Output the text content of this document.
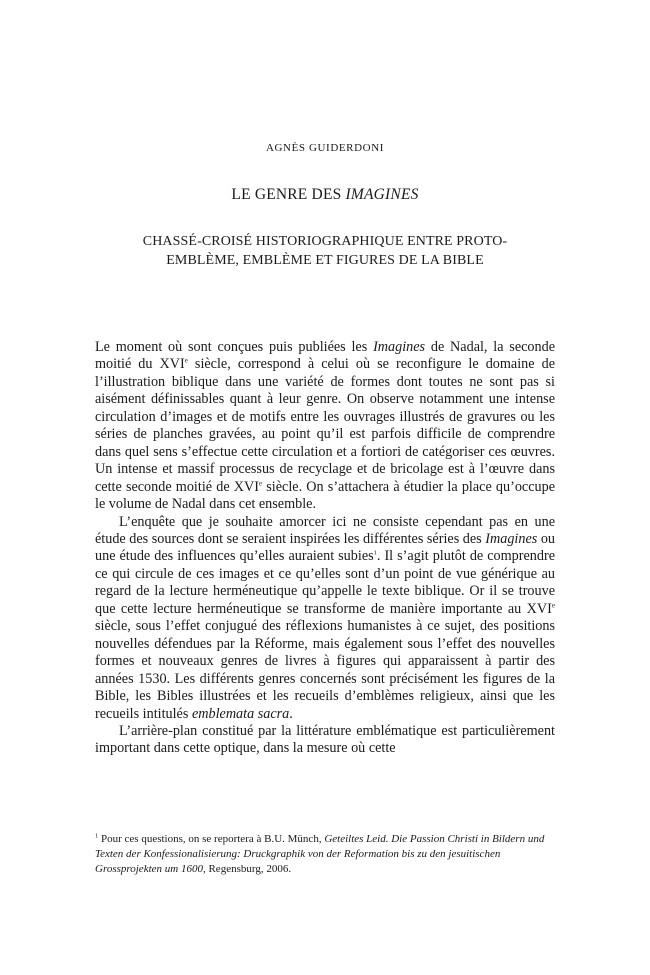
AGNÈS GUIDERDONI
LE GENRE DES IMAGINES
CHASSÉ-CROISÉ HISTORIOGRAPHIQUE ENTRE PROTO-
EMBLÈME, EMBLÈME ET FIGURES DE LA BIBLE

Le moment où sont conçues puis publiées les Imagines de Nadal, la seconde moitié du XVIe siècle, correspond à celui où se reconfigure le domaine de l’illustration biblique dans une variété de formes dont toutes ne sont pas si aisément définissables quant à leur genre. On observe notamment une intense circulation d’images et de motifs entre les ouvrages illustrés de gravures ou les séries de planches gravées, au point qu’il est parfois difficile de comprendre dans quel sens s’effectue cette circulation et a fortiori de catégoriser ces œuvres. Un intense et massif processus de recyclage et de bricolage est à l’œuvre dans cette seconde moitié de XVIe siècle. On s’attachera à étudier la place qu’occupe le volume de Nadal dans cet ensemble.

L’enquête que je souhaite amorcer ici ne consiste cependant pas en une étude des sources dont se seraient inspirées les différentes séries des Imagines ou une étude des influences qu’elles auraient subies$^1$. Il s’agit plutôt de comprendre ce qui circule de ces images et ce qu’elles sont d’un point de vue générique au regard de la lecture herméneutique qu’appelle le texte biblique. Or il se trouve que cette lecture herméneutique se transforme de manière importante au XVIe siècle, sous l’effet conjugué des réflexions humanistes à ce sujet, des positions nouvelles défendues par la Réforme, mais également sous l’effet des nouvelles formes et nouveaux genres de livres à figures qui apparaissent à partir des années 1530. Les différents genres concernés sont précisément les figures de la Bible, les Bibles illustrées et les recueils d’emblèmes religieux, ainsi que les recueils intitulés emblemata sacra.

L’arrière-plan constitué par la littérature emblématique est particulièrement important dans cette optique, dans la mesure où cette

$^1$ Pour ces questions, on se reportera à B.U. Münch, Geteiltes Leid. Die Passion Christi in Bildern und Texten der Konfessionalisierung: Druckgraphik von der Reformation bis zu den jesuitischen Grossprojekten um 1600, Regensburg, 2006.
